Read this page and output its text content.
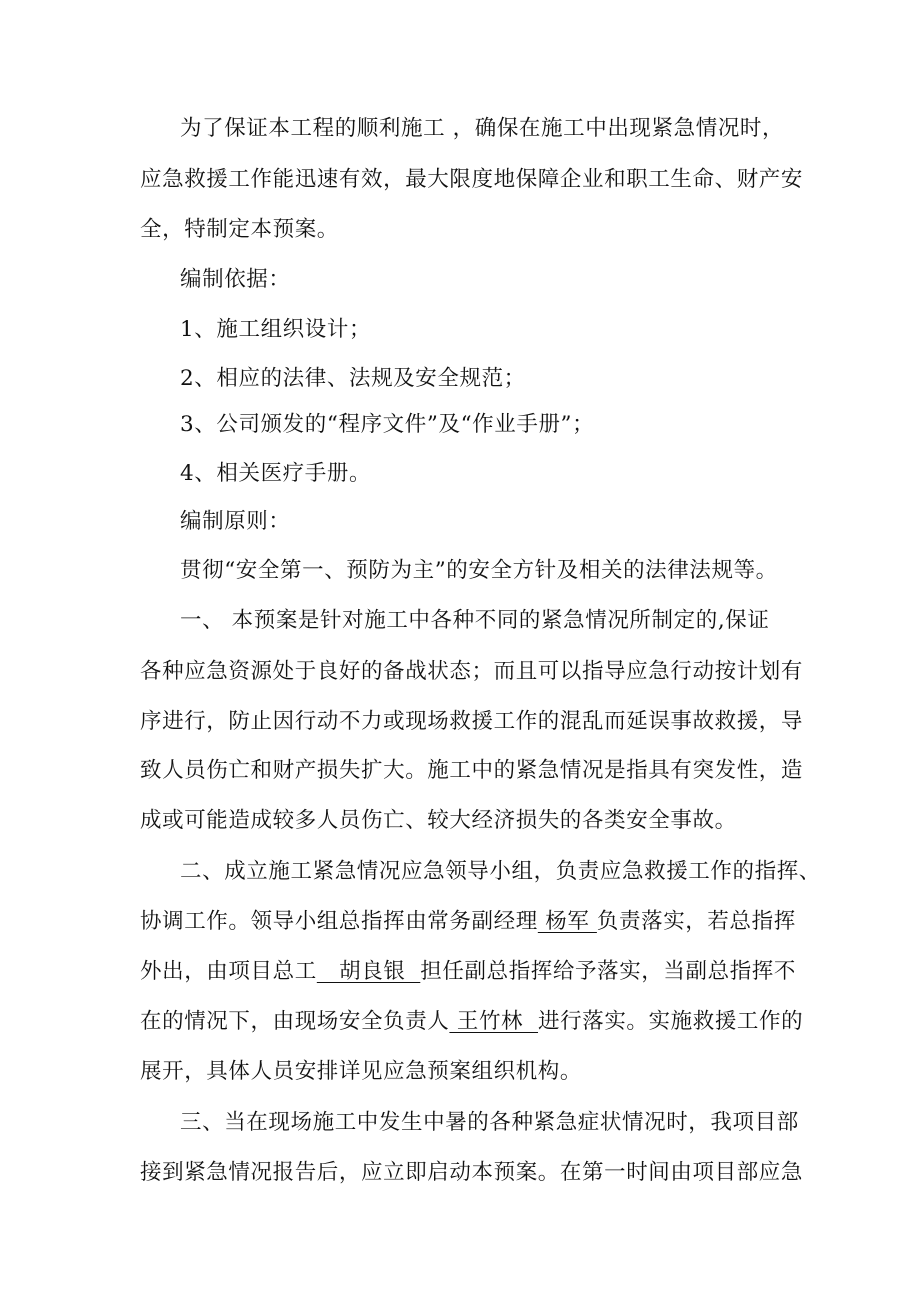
为了保证本工程的顺利施工 ，确保在施工中出现紧急情况时，
应急救援工作能迅速有效，最大限度地保障企业和职工生命、财产安
全，特制定本预案。
编制依据：
1、施工组织设计；
2、相应的法律、法规及安全规范；
3、公司颁发的“程序文件”及“作业手册”；
4、相关医疗手册。
编制原则：
贯彻“安全第一、预防为主”的安全方针及相关的法律法规等。
一、 本预案是针对施工中各种不同的紧急情况所制定的,保证
各种应急资源处于良好的备战状态；而且可以指导应急行动按计划有
序进行，防止因行动不力或现场救援工作的混乱而延误事故救援，导
致人员伤亡和财产损失扩大。施工中的紧急情况是指具有突发性，造
成或可能造成较多人员伤亡、较大经济损失的各类安全事故。
二、成立施工紧急情况应急领导小组，负责应急救援工作的指挥、
协调工作。领导小组总指挥由常务副经理 杨军 负责落实，若总指挥
外出，由项目总工   胡良银  担任副总指挥给予落实，当副总指挥不
在的情况下，由现场安全负责人 王竹林  进行落实。实施救援工作的
展开，具体人员安排详见应急预案组织机构。
三、当在现场施工中发生中暑的各种紧急症状情况时，我项目部
接到紧急情况报告后，应立即启动本预案。在第一时间由项目部应急
